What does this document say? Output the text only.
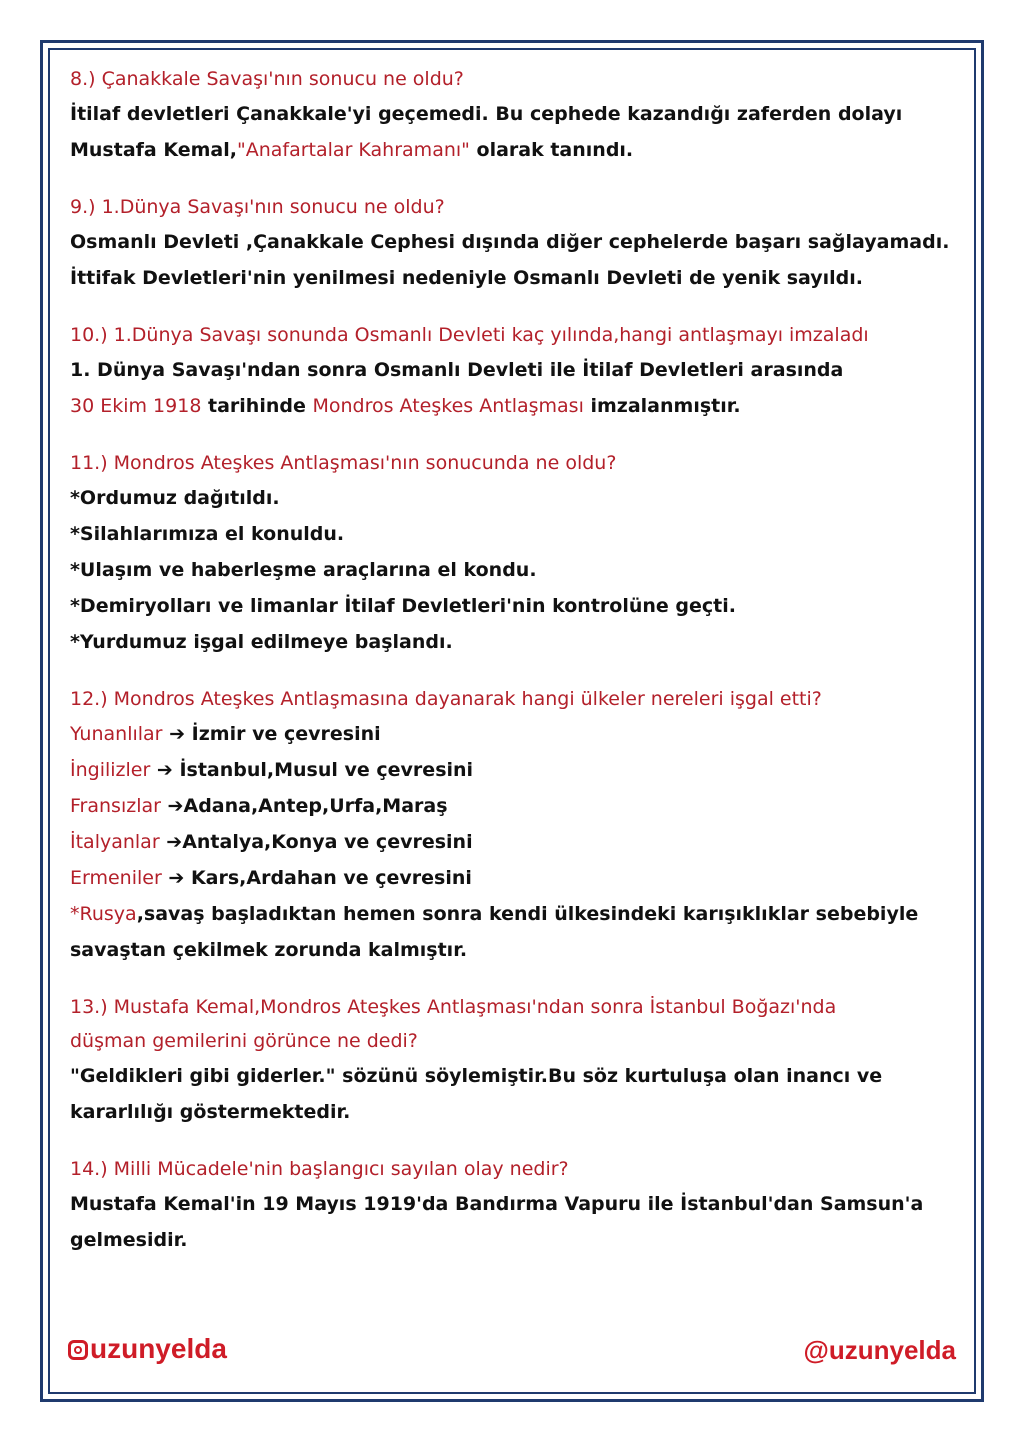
8.) Çanakkale Savaşı'nın sonucu ne oldu?
İtilaf devletleri Çanakkale'yi geçemedi. Bu cephede kazandığı zaferden dolayı
Mustafa Kemal,"Anafartalar Kahramanı" olarak tanındı.
9.) 1.Dünya Savaşı'nın sonucu ne oldu?
Osmanlı Devleti ,Çanakkale Cephesi dışında diğer cephelerde başarı sağlayamadı.
İttifak Devletleri'nin yenilmesi nedeniyle Osmanlı Devleti de yenik sayıldı.
10.) 1.Dünya Savaşı sonunda Osmanlı Devleti kaç yılında,hangi antlaşmayı imzaladı
1. Dünya Savaşı'ndan sonra Osmanlı Devleti ile İtilaf Devletleri arasında
30 Ekim 1918 tarihinde Mondros Ateşkes Antlaşması imzalanmıştır.
11.) Mondros Ateşkes Antlaşması'nın sonucunda ne oldu?
*Ordumuz dağıtıldı.
*Silahlarımıza el konuldu.
*Ulaşım ve haberleşme araçlarına el kondu.
*Demiryolları ve limanlar İtilaf Devletleri'nin kontrolüne geçti.
*Yurdumuz işgal edilmeye başlandı.
12.) Mondros Ateşkes Antlaşmasına dayanarak hangi ülkeler nereleri işgal etti?
Yunanlılar ➔ İzmir ve çevresini
İngilizler ➔ İstanbul,Musul ve çevresini
Fransızlar ➔Adana,Antep,Urfa,Maraş
İtalyanlar ➔Antalya,Konya ve çevresini
Ermeniler ➔ Kars,Ardahan ve çevresini
*Rusya,savaş başladıktan hemen sonra kendi ülkesindeki karışıklıklar sebebiyle
savaştan çekilmek zorunda kalmıştır.
13.) Mustafa Kemal,Mondros Ateşkes Antlaşması'ndan sonra İstanbul Boğazı'nda
düşman gemilerini görünce ne dedi?
"Geldikleri gibi giderler." sözünü söylemiştir.Bu söz kurtuluşa olan inancı ve
kararlılığı göstermektedir.
14.) Milli Mücadele'nin başlangıcı sayılan olay nedir?
Mustafa Kemal'in 19 Mayıs 1919'da Bandırma Vapuru ile İstanbul'dan Samsun'a
gelmesidir.
uzunyelda	@uzunyelda
